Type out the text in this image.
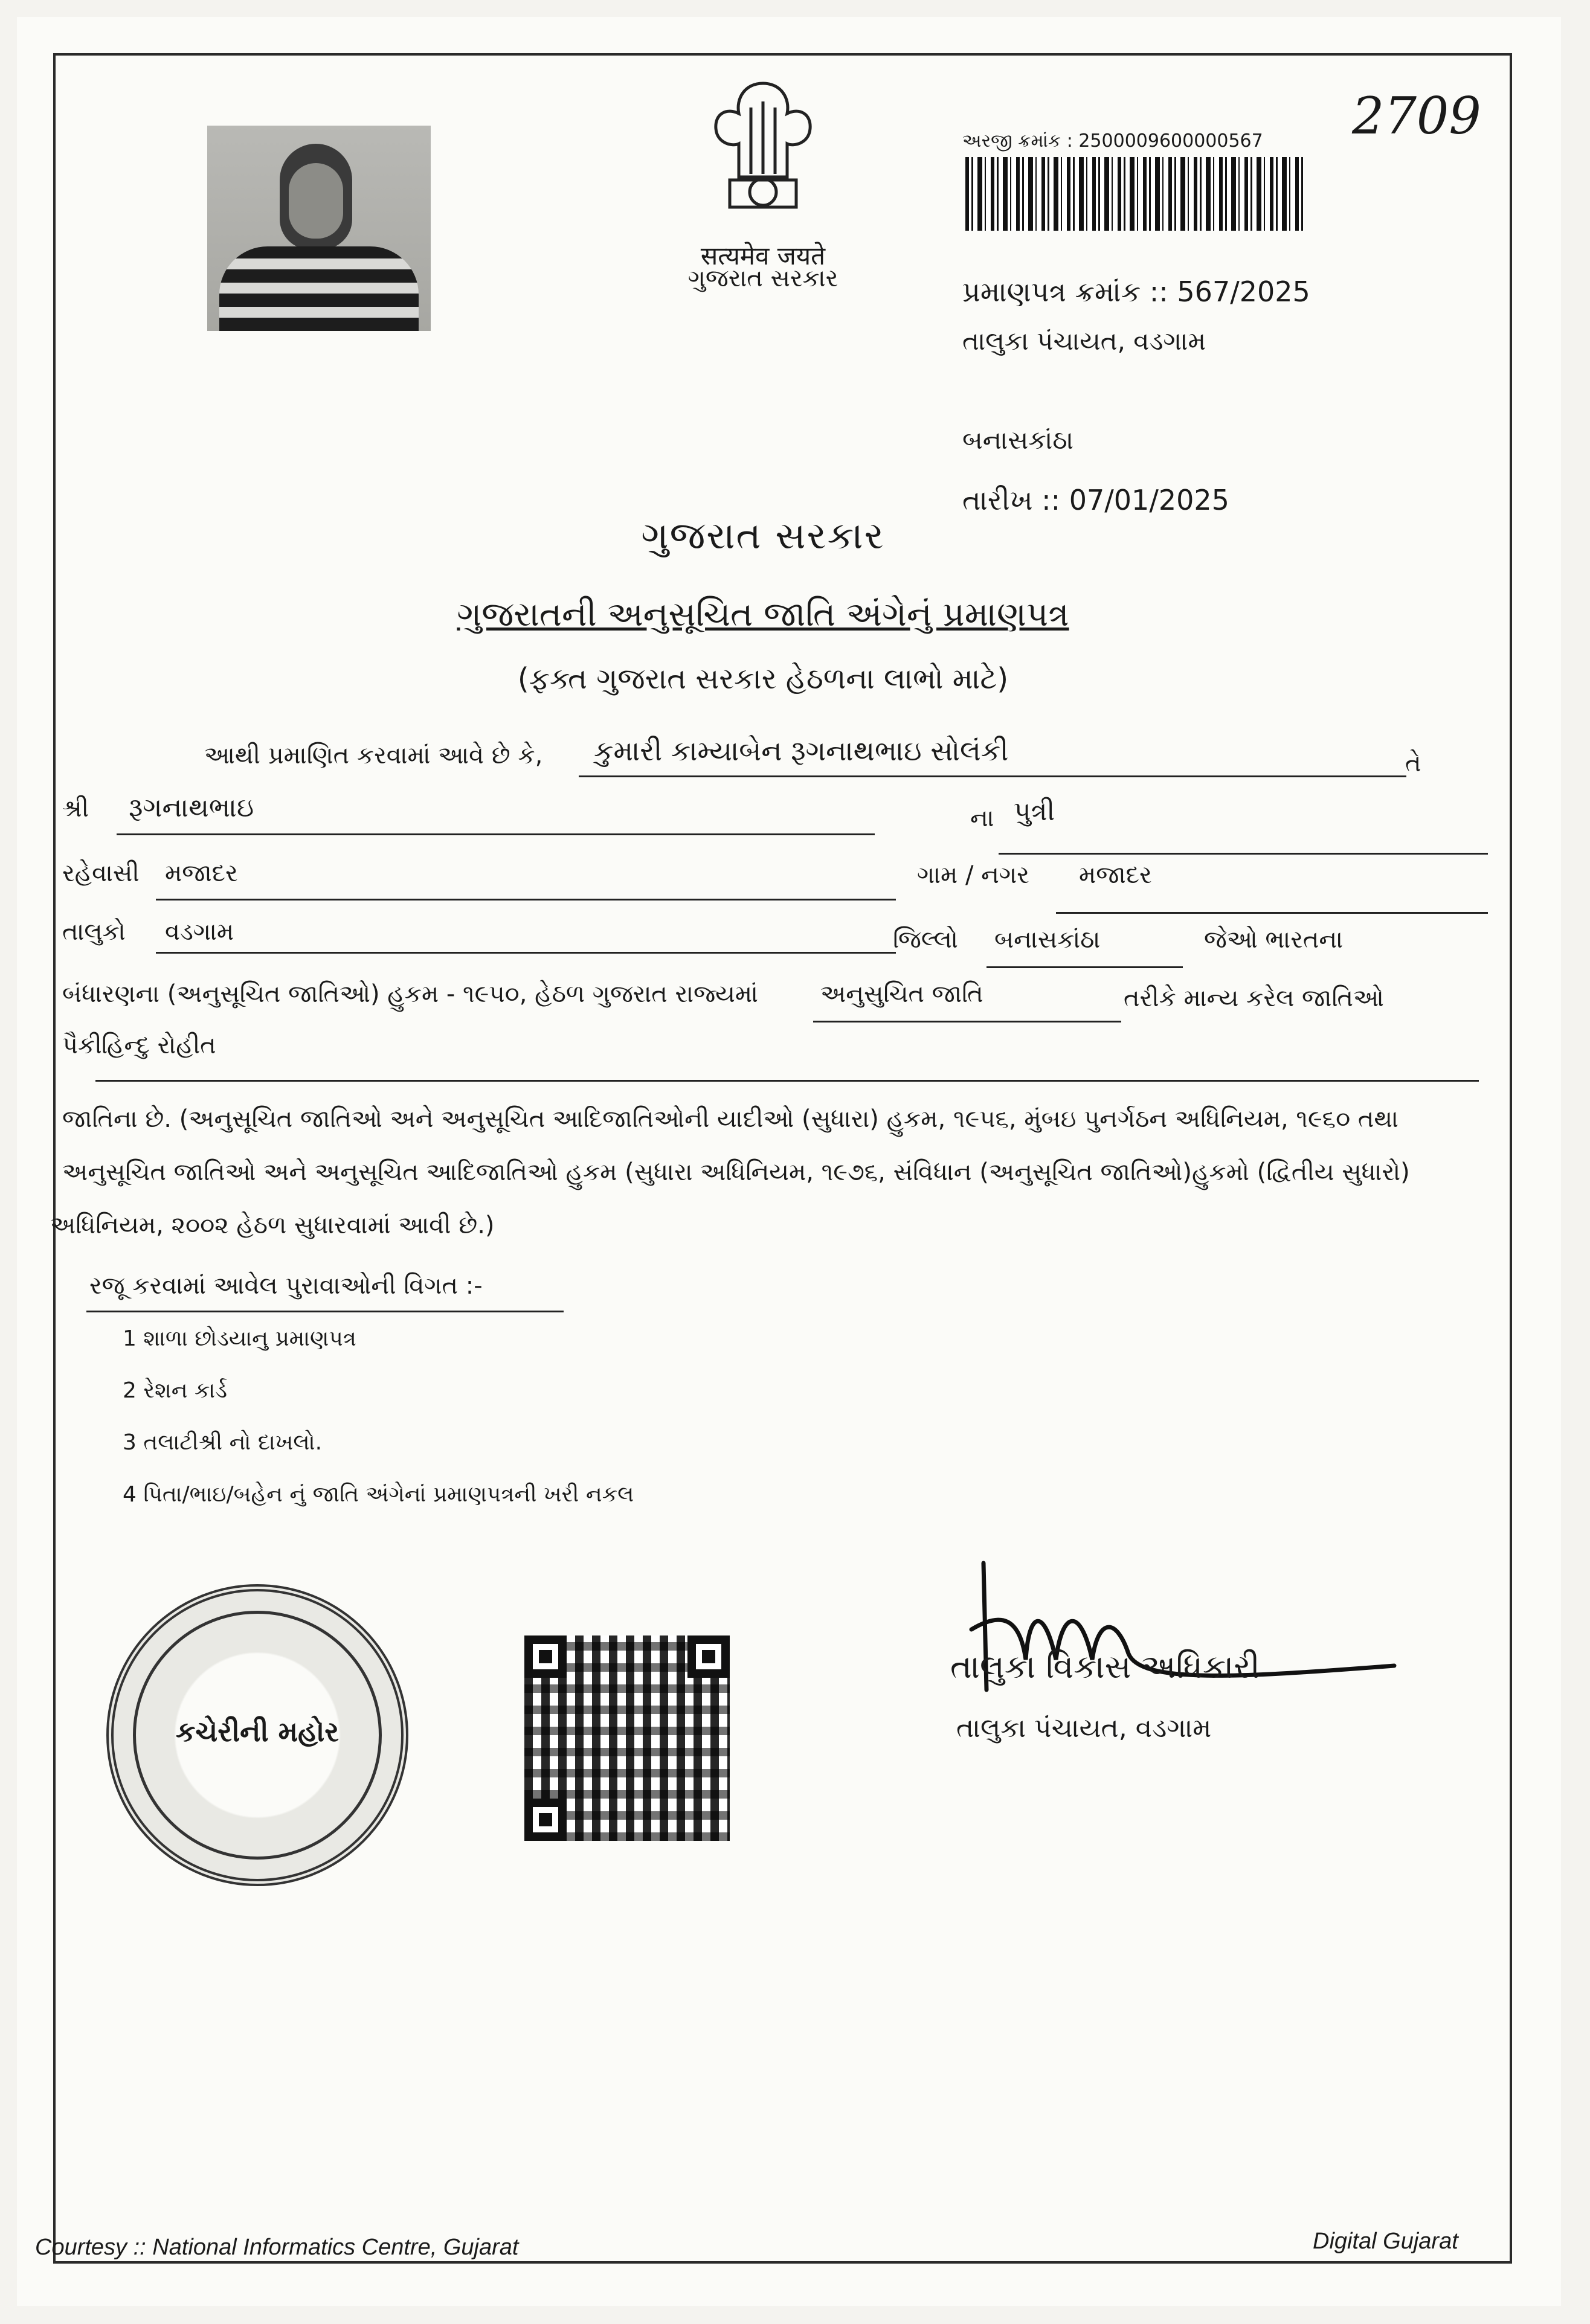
सत्यमेव जयते
ગુજરાત સરકાર
અરજી ક્રમાંક : 2500009600000567 2709
પ્રમાણપત્ર ક્રમાંક :: 567/2025
તાલુકા પંચાયત, વડગામ
બનાસકાંઠા
તારીખ :: 07/01/2025
ગુજરાત સરકાર
ગુજરાતની અનુસૂચિત જાતિ અંગેનું પ્રમાણપત્ર
(ફક્ત ગુજરાત સરકાર હેઠળના લાભો માટે)
આથી પ્રમાણિત કરવામાં આવે છે કે, કુમારી કામ્યાબેન રૂગનાથભાઇ સોલંકી	તે
શ્રી રૂગનાથભાઇ	ના પુત્રી
રહેવાસી મજાદર	ગામ / નગર મજાદર
તાલુકો વડગામ	જિલ્લો બનાસકાંઠા	જેઓ ભારતના
બંધારણના (અનુસૂચિત જાતિઓ) હુકમ - ૧૯૫૦, હેઠળ ગુજરાત રાજ્યમાં	અનુસુચિત જાતિ	તરીકે માન્ય કરેલ જાતિઓ
પૈકી હિન્દુ રોહીત
જાતિના છે. (અનુસૂચિત જાતિઓ અને અનુસૂચિત આદિજાતિઓની યાદીઓ (સુધારા) હુકમ, ૧૯૫૬, મુંબઇ પુનર્ગઠન અધિનિયમ, ૧૯૬૦ તથા
અનુસૂચિત જાતિઓ અને અનુસૂચિત આદિજાતિઓ હુકમ (સુધારા અધિનિયમ, ૧૯૭૬, સંવિધાન (અનુસૂચિત જાતિઓ)હુકમો (દ્વિતીય સુધારો)
અધિનિયમ, ૨૦૦૨ હેઠળ સુધારવામાં આવી છે.)
રજૂ કરવામાં આવેલ પુરાવાઓની વિગત :-
1 શાળા છોડયાનુ પ્રમાણપત્ર
2 રેશન કાર્ડ
3 તલાટીશ્રી નો દાખલો.
4 પિતા/ભાઇ/બહેન નું જાતિ અંગેનાં પ્રમાણપત્રની ખરી નકલ
કચેરીની મહોર
તાલુકા વિકાસ અધિકારી
તાલુકા પંચાયત, વડગામ
Courtesy :: National Informatics Centre, Gujarat	Digital Gujarat
